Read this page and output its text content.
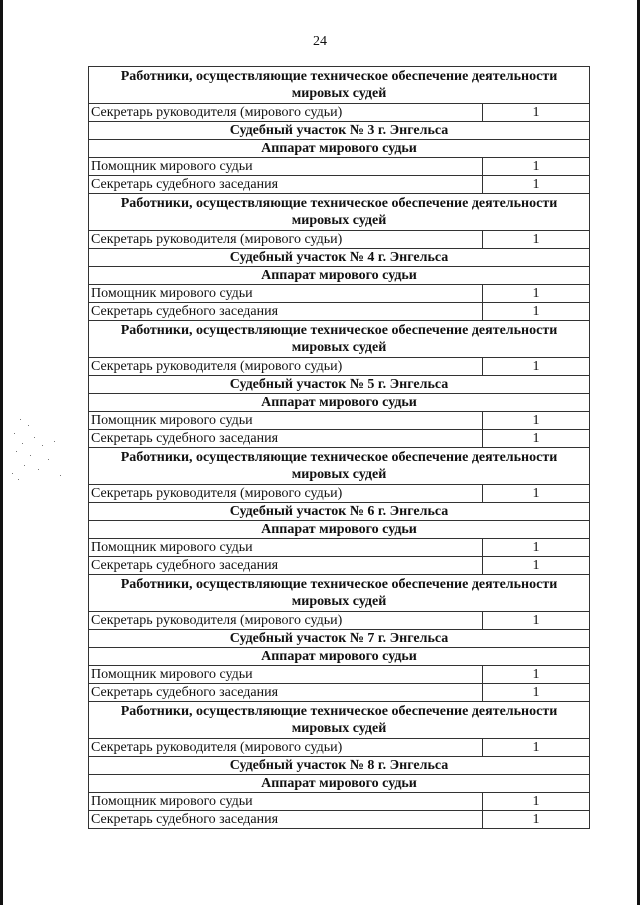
24
Работники, осуществляющие техническое обеспечение деятельности мировых судей	
Секретарь руководителя (мирового судьи)	1
Судебный участок № 3 г. Энгельса	
Аппарат мирового судьи	
Помощник мирового судьи	1
Секретарь судебного заседания	1
Работники, осуществляющие техническое обеспечение деятельности мировых судей	
Секретарь руководителя (мирового судьи)	1
Судебный участок № 4 г. Энгельса	
Аппарат мирового судьи	
Помощник мирового судьи	1
Секретарь судебного заседания	1
Работники, осуществляющие техническое обеспечение деятельности мировых судей	
Секретарь руководителя (мирового судьи)	1
Судебный участок № 5 г. Энгельса	
Аппарат мирового судьи	
Помощник мирового судьи	1
Секретарь судебного заседания	1
Работники, осуществляющие техническое обеспечение деятельности мировых судей	
Секретарь руководителя (мирового судьи)	1
Судебный участок № 6 г. Энгельса	
Аппарат мирового судьи	
Помощник мирового судьи	1
Секретарь судебного заседания	1
Работники, осуществляющие техническое обеспечение деятельности мировых судей	
Секретарь руководителя (мирового судьи)	1
Судебный участок № 7 г. Энгельса	
Аппарат мирового судьи	
Помощник мирового судьи	1
Секретарь судебного заседания	1
Работники, осуществляющие техническое обеспечение деятельности мировых судей	
Секретарь руководителя (мирового судьи)	1
Судебный участок № 8 г. Энгельса	
Аппарат мирового судьи	
Помощник мирового судьи	1
Секретарь судебного заседания	1
